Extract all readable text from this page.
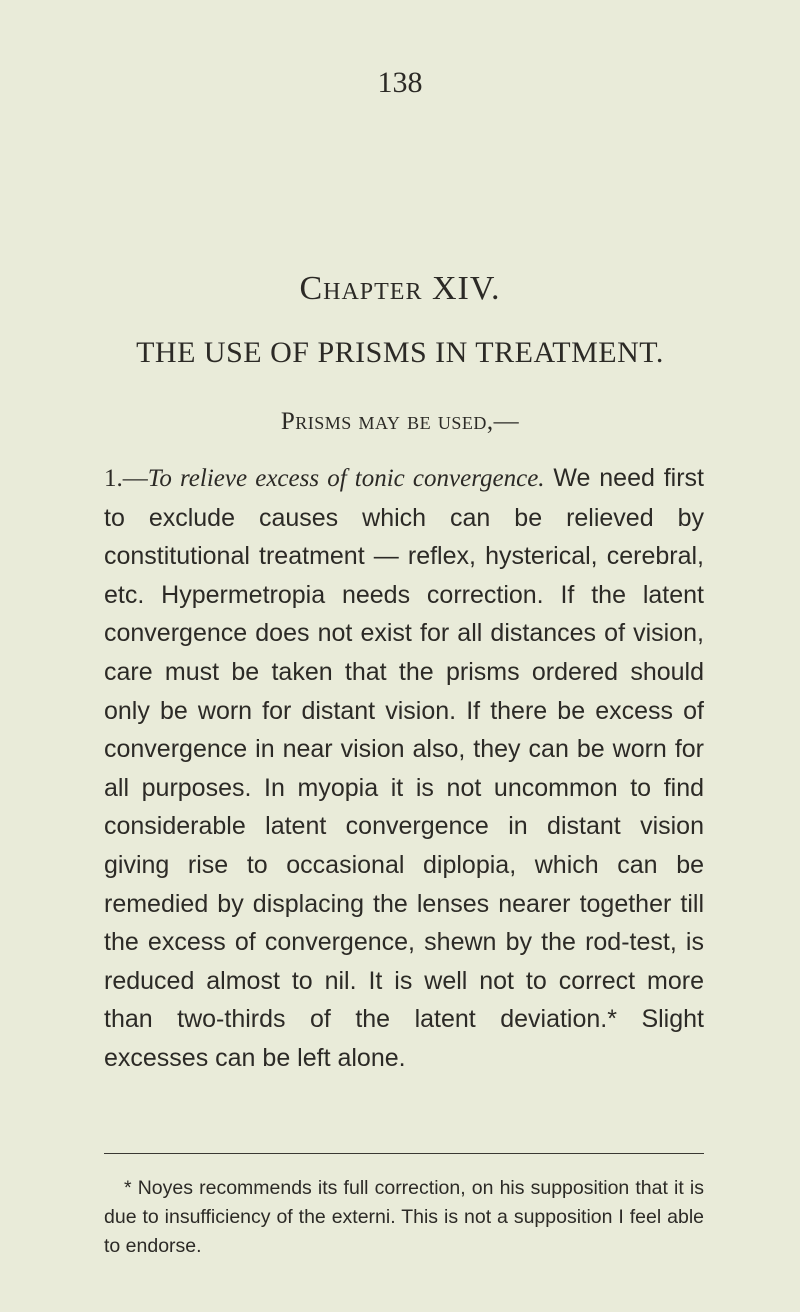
138
Chapter XIV.
THE USE OF PRISMS IN TREATMENT.
Prisms may be used,—
1.—To relieve excess of tonic convergence. We need first to exclude causes which can be relieved by constitutional treatment — reflex, hysterical, cerebral, etc. Hypermetropia needs correction. If the latent convergence does not exist for all distances of vision, care must be taken that the prisms ordered should only be worn for distant vision. If there be excess of convergence in near vision also, they can be worn for all purposes. In myopia it is not uncommon to find considerable latent convergence in distant vision giving rise to occasional diplopia, which can be remedied by displacing the lenses nearer together till the excess of convergence, shewn by the rod-test, is reduced almost to nil. It is well not to correct more than two-thirds of the latent deviation.* Slight excesses can be left alone.
* Noyes recommends its full correction, on his supposition that it is due to insufficiency of the externi. This is not a supposition I feel able to endorse.
